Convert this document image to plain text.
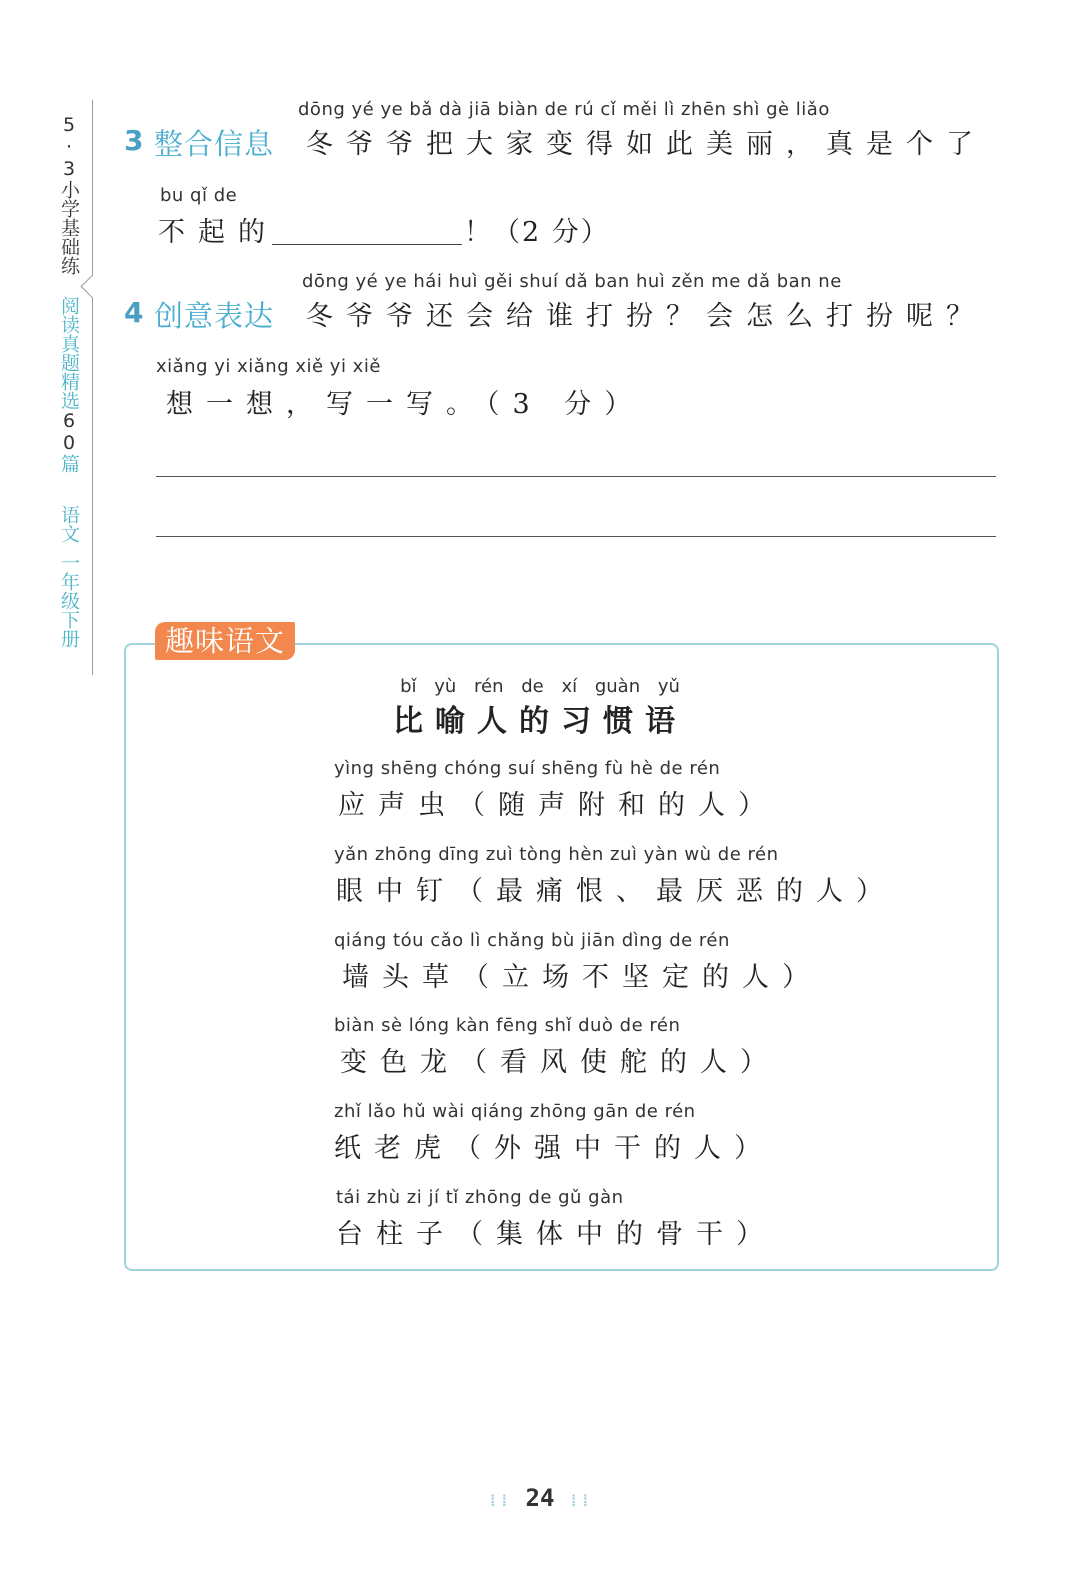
5·3小学基础练
阅读真题精选60篇 语文一年级下册
3 整合信息
dōng yé ye bǎ dà jiā biàn de rú cǐ měi lì zhēn shì gè liǎo
冬爷爷把大家变得如此美丽，真是个了
bu qǐ de
不起的	！（2 分）
4 创意表达
dōng yé ye hái huì gěi shuí dǎ ban huì zěn me dǎ ban ne
冬爷爷还会给谁打扮？会怎么打扮呢？
xiǎng yi xiǎng xiě yi xiě
想一想，写一写。（3 分）
趣味语文
bǐ yù rén de xí guàn yǔ
比喻人的习惯语
yìng shēng chóng suí shēng fù hè de rén
应声虫（随声附和的人）
yǎn zhōng dīng zuì tòng hèn zuì yàn wù de rén
眼中钉（最痛恨、最厌恶的人）
qiáng tóu cǎo lì chǎng bù jiān dìng de rén
墙头草（立场不坚定的人）
biàn sè lóng kàn fēng shǐ duò de rén
变色龙（看风使舵的人）
zhǐ lǎo hǔ wài qiáng zhōng gān de rén
纸老虎（外强中干的人）
tái zhù zi jí tǐ zhōng de gǔ gàn
台柱子（集体中的骨干）
⁞⁞ 24 ⁞⁞
